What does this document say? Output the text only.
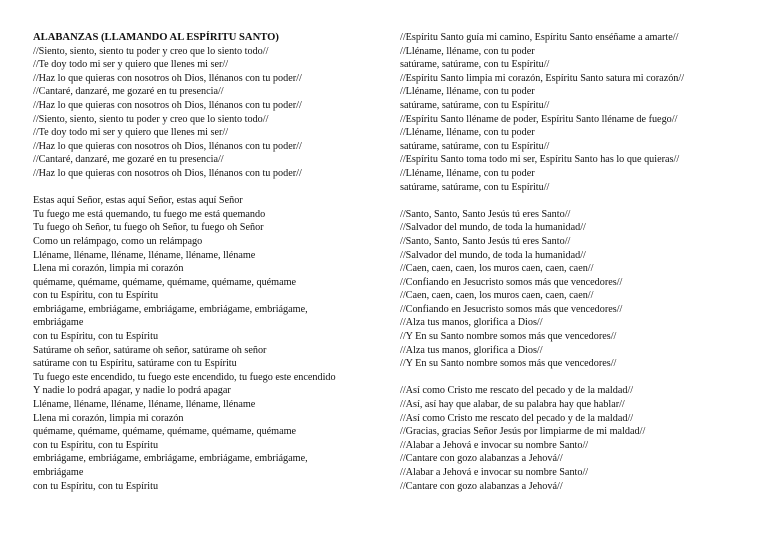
ALABANZAS (LLAMANDO AL ESPÍRITU SANTO)
//Siento, siento, siento tu poder y creo que lo siento todo//
//Te doy todo mi ser y quiero que llenes mi ser//
//Haz lo que quieras con nosotros oh Dios, llénanos con tu poder//
//Cantaré, danzaré, me gozaré en tu presencia//
//Haz lo que quieras con nosotros oh Dios, llénanos con tu poder//
//Siento, siento, siento tu poder y creo que lo siento todo//
//Te doy todo mi ser y quiero que llenes mi ser//
//Haz lo que quieras con nosotros oh Dios, llénanos con tu poder//
//Cantaré, danzaré, me gozaré en tu presencia//
//Haz lo que quieras con nosotros oh Dios, llénanos con tu poder//
Estas aquí Señor, estas aquí Señor, estas aquí Señor
Tu fuego me está quemando, tu fuego me está quemando
Tu fuego oh Señor, tu fuego oh Señor, tu fuego oh Señor
Como un relámpago, como un relámpago
Lléname, lléname, lléname, lléname, lléname, lléname
Llena mi corazón, limpia mi corazón
quémame, quémame, quémame, quémame, quémame, quémame
con tu Espíritu, con tu Espíritu
embriágame, embriágame, embriágame, embriágame, embriágame,
embriágame
con tu Espíritu, con tu Espíritu
Satúrame oh señor, satúrame oh señor, satúrame oh señor
satúrame con tu Espíritu, satúrame con tu Espíritu
Tu fuego este encendido, tu fuego este encendido, tu fuego este encendido
Y nadie lo podrá apagar, y nadie lo podrá apagar
Lléname, lléname, lléname, lléname, lléname, lléname
Llena mi corazón, limpia mi corazón
quémame, quémame, quémame, quémame, quémame, quémame
con tu Espíritu, con tu Espíritu
embriágame, embriágame, embriágame, embriágame, embriágame,
embriágame
con tu Espíritu, con tu Espíritu
//Espíritu Santo guía mi camino, Espíritu Santo enséñame a amarte//
//Lléname, lléname, con tu poder
satúrame, satúrame, con tu Espíritu//
//Espíritu Santo limpia mi corazón, Espíritu Santo satura mi corazón//
//Lléname, lléname, con tu poder
satúrame, satúrame, con tu Espíritu//
//Espíritu Santo lléname de poder, Espíritu Santo lléname de fuego//
//Lléname, lléname, con tu poder
satúrame, satúrame, con tu Espíritu//
//Espíritu Santo toma todo mi ser, Espíritu Santo has lo que quieras//
//Lléname, lléname, con tu poder
satúrame, satúrame, con tu Espíritu//
//Santo, Santo, Santo Jesús tú eres Santo//
//Salvador del mundo, de toda la humanidad//
//Santo, Santo, Santo Jesús tú eres Santo//
//Salvador del mundo, de toda la humanidad//
//Caen, caen, caen, los muros caen, caen, caen//
//Confiando en Jesucristo somos más que vencedores//
//Caen, caen, caen, los muros caen, caen, caen//
//Confiando en Jesucristo somos más que vencedores//
//Alza tus manos, glorifica a Dios//
//Y En su Santo nombre somos más que vencedores//
//Alza tus manos, glorifica a Dios//
//Y En su Santo nombre somos más que vencedores//
//Así como Cristo me rescato del pecado y de la maldad//
//Así, así hay que alabar, de su palabra hay que hablar//
//Así como Cristo me rescato del pecado y de la maldad//
//Gracias, gracias Señor Jesús por limpiarme de mi maldad//
//Alabar a Jehová e invocar su nombre Santo//
//Cantare con gozo alabanzas a Jehová//
//Alabar a Jehová e invocar su nombre Santo//
//Cantare con gozo alabanzas a Jehová//
